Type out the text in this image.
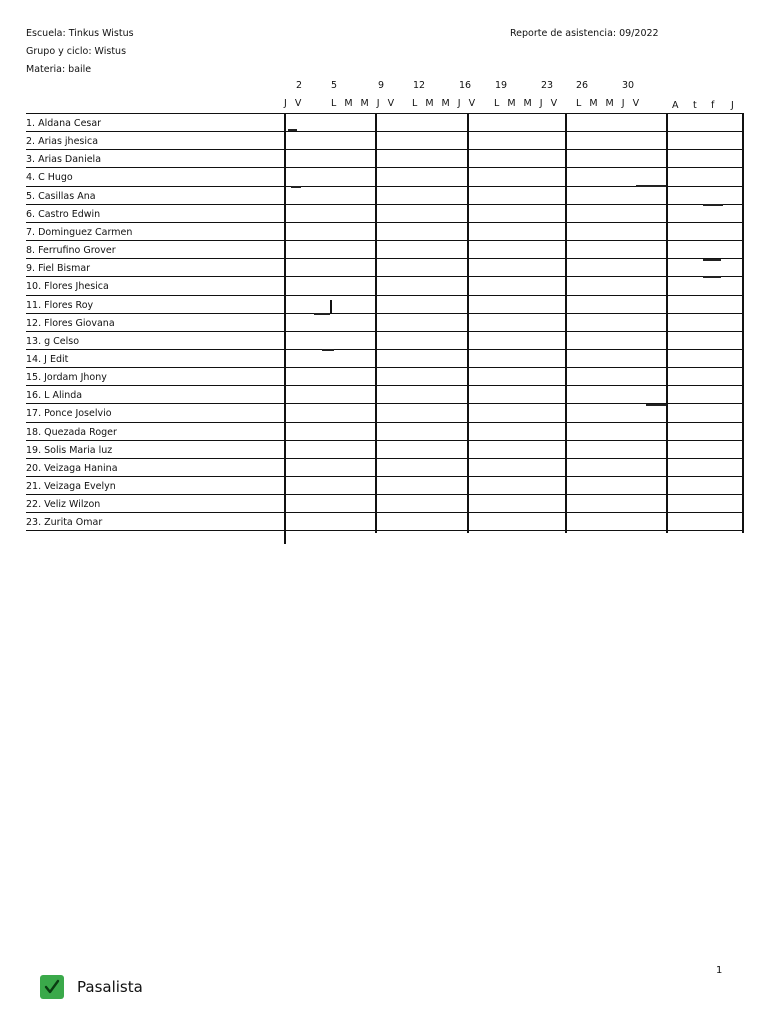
Escuela: Tinkus Wistus
Grupo y ciclo: Wistus
Materia: baile
Reporte de asistencia: 09/2022
2	5	9	12	16	19	23 26	30
J V	L M M J V L M M J V L M M J V L M M J V	A t f J
1. Aldana Cesar
2. Arias jhesica
3. Arias Daniela
4. C Hugo
5. Casillas Ana
6. Castro Edwin
7. Dominguez Carmen
8. Ferrufino Grover
9. Fiel Bismar
10. Flores Jhesica
11. Flores Roy
12. Flores Giovana
13. g Celso
14. J Edit
15. Jordam Jhony
16. L Alinda
17. Ponce Joselvio
18. Quezada Roger
19. Solis Maria luz
20. Veizaga Hanina
21. Veizaga Evelyn
22. Veliz Wilzon
23. Zurita Omar
Pasalista
1
